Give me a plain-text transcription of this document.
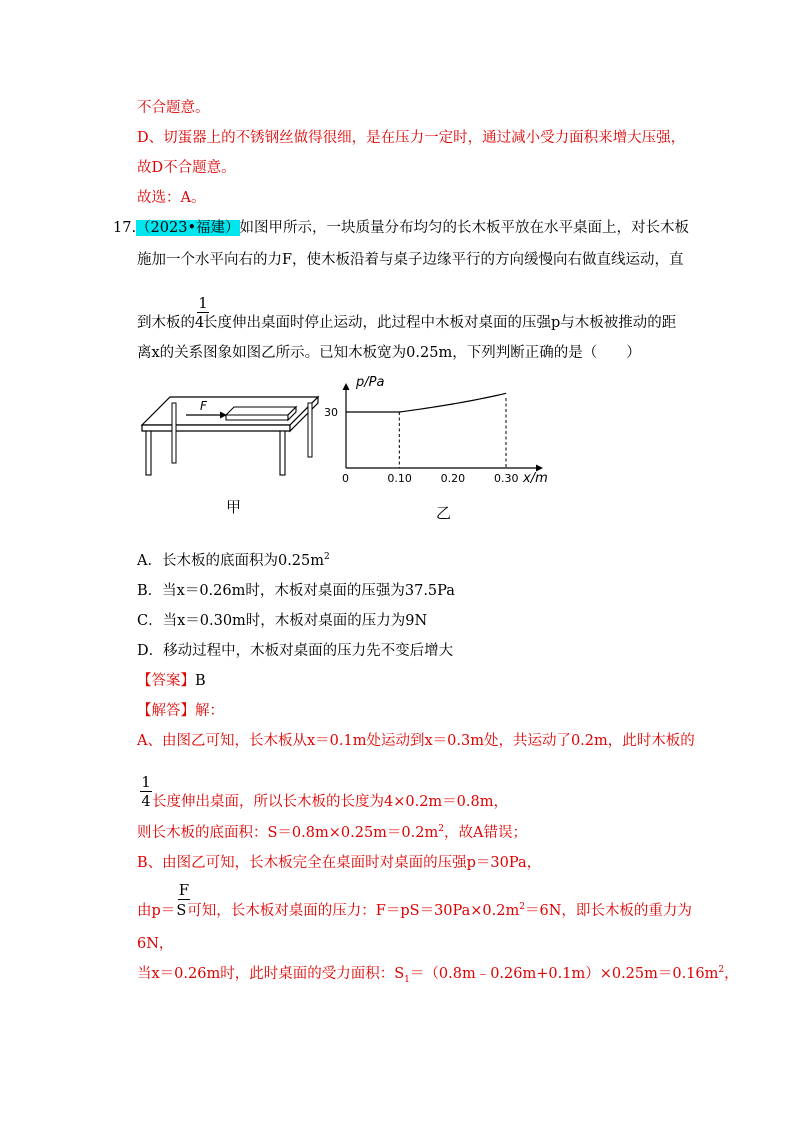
不合题意。
D、切蛋器上的不锈钢丝做得很细，是在压力一定时，通过减小受力面积来增大压强，
故D不合题意。
故选：A。
17.（2023•福建）如图甲所示，一块质量分布均匀的长木板平放在水平桌面上，对长木板
施加一个水平向右的力F，使木板沿着与桌子边缘平行的方向缓慢向右做直线运动，直
1
到木板的4长度伸出桌面时停止运动，此过程中木板对桌面的压强p与木板被推动的距
离x的关系图象如图乙所示。已知木板宽为0.25m，下列判断正确的是（　　）
F
甲
p/Pa
x/m
0	0.10	0.20	0.30
30
乙
A．长木板的底面积为$0.25m^2$
B．当x＝0.26m时，木板对桌面的压强为37.5Pa
C．当x＝0.30m时，木板对桌面的压力为9N
D．移动过程中，木板对桌面的压力先不变后增大
【答案】B
【解答】解：
A、由图乙可知，长木板从x＝0.1m处运动到x＝0.3m处，共运动了0.2m，此时木板的
1
4长度伸出桌面，所以长木板的长度为4×0.2m＝0.8m，
则长木板的底面积：$S=0.8m\times 0.25m=0.2m^2$，故A错误；
B、由图乙可知，长木板完全在桌面时对桌面的压强p＝30Pa，
F
由p＝S可知，长木板对桌面的压力：$F=pS=30Pa\times 0.2m^2=6N$，即长木板的重力为
6N，
当x＝0.26m时，此时桌面的受力面积：$S_1=(0.8m﹣0.26m+0.1m)\times 0.25m=0.16m^2$，
